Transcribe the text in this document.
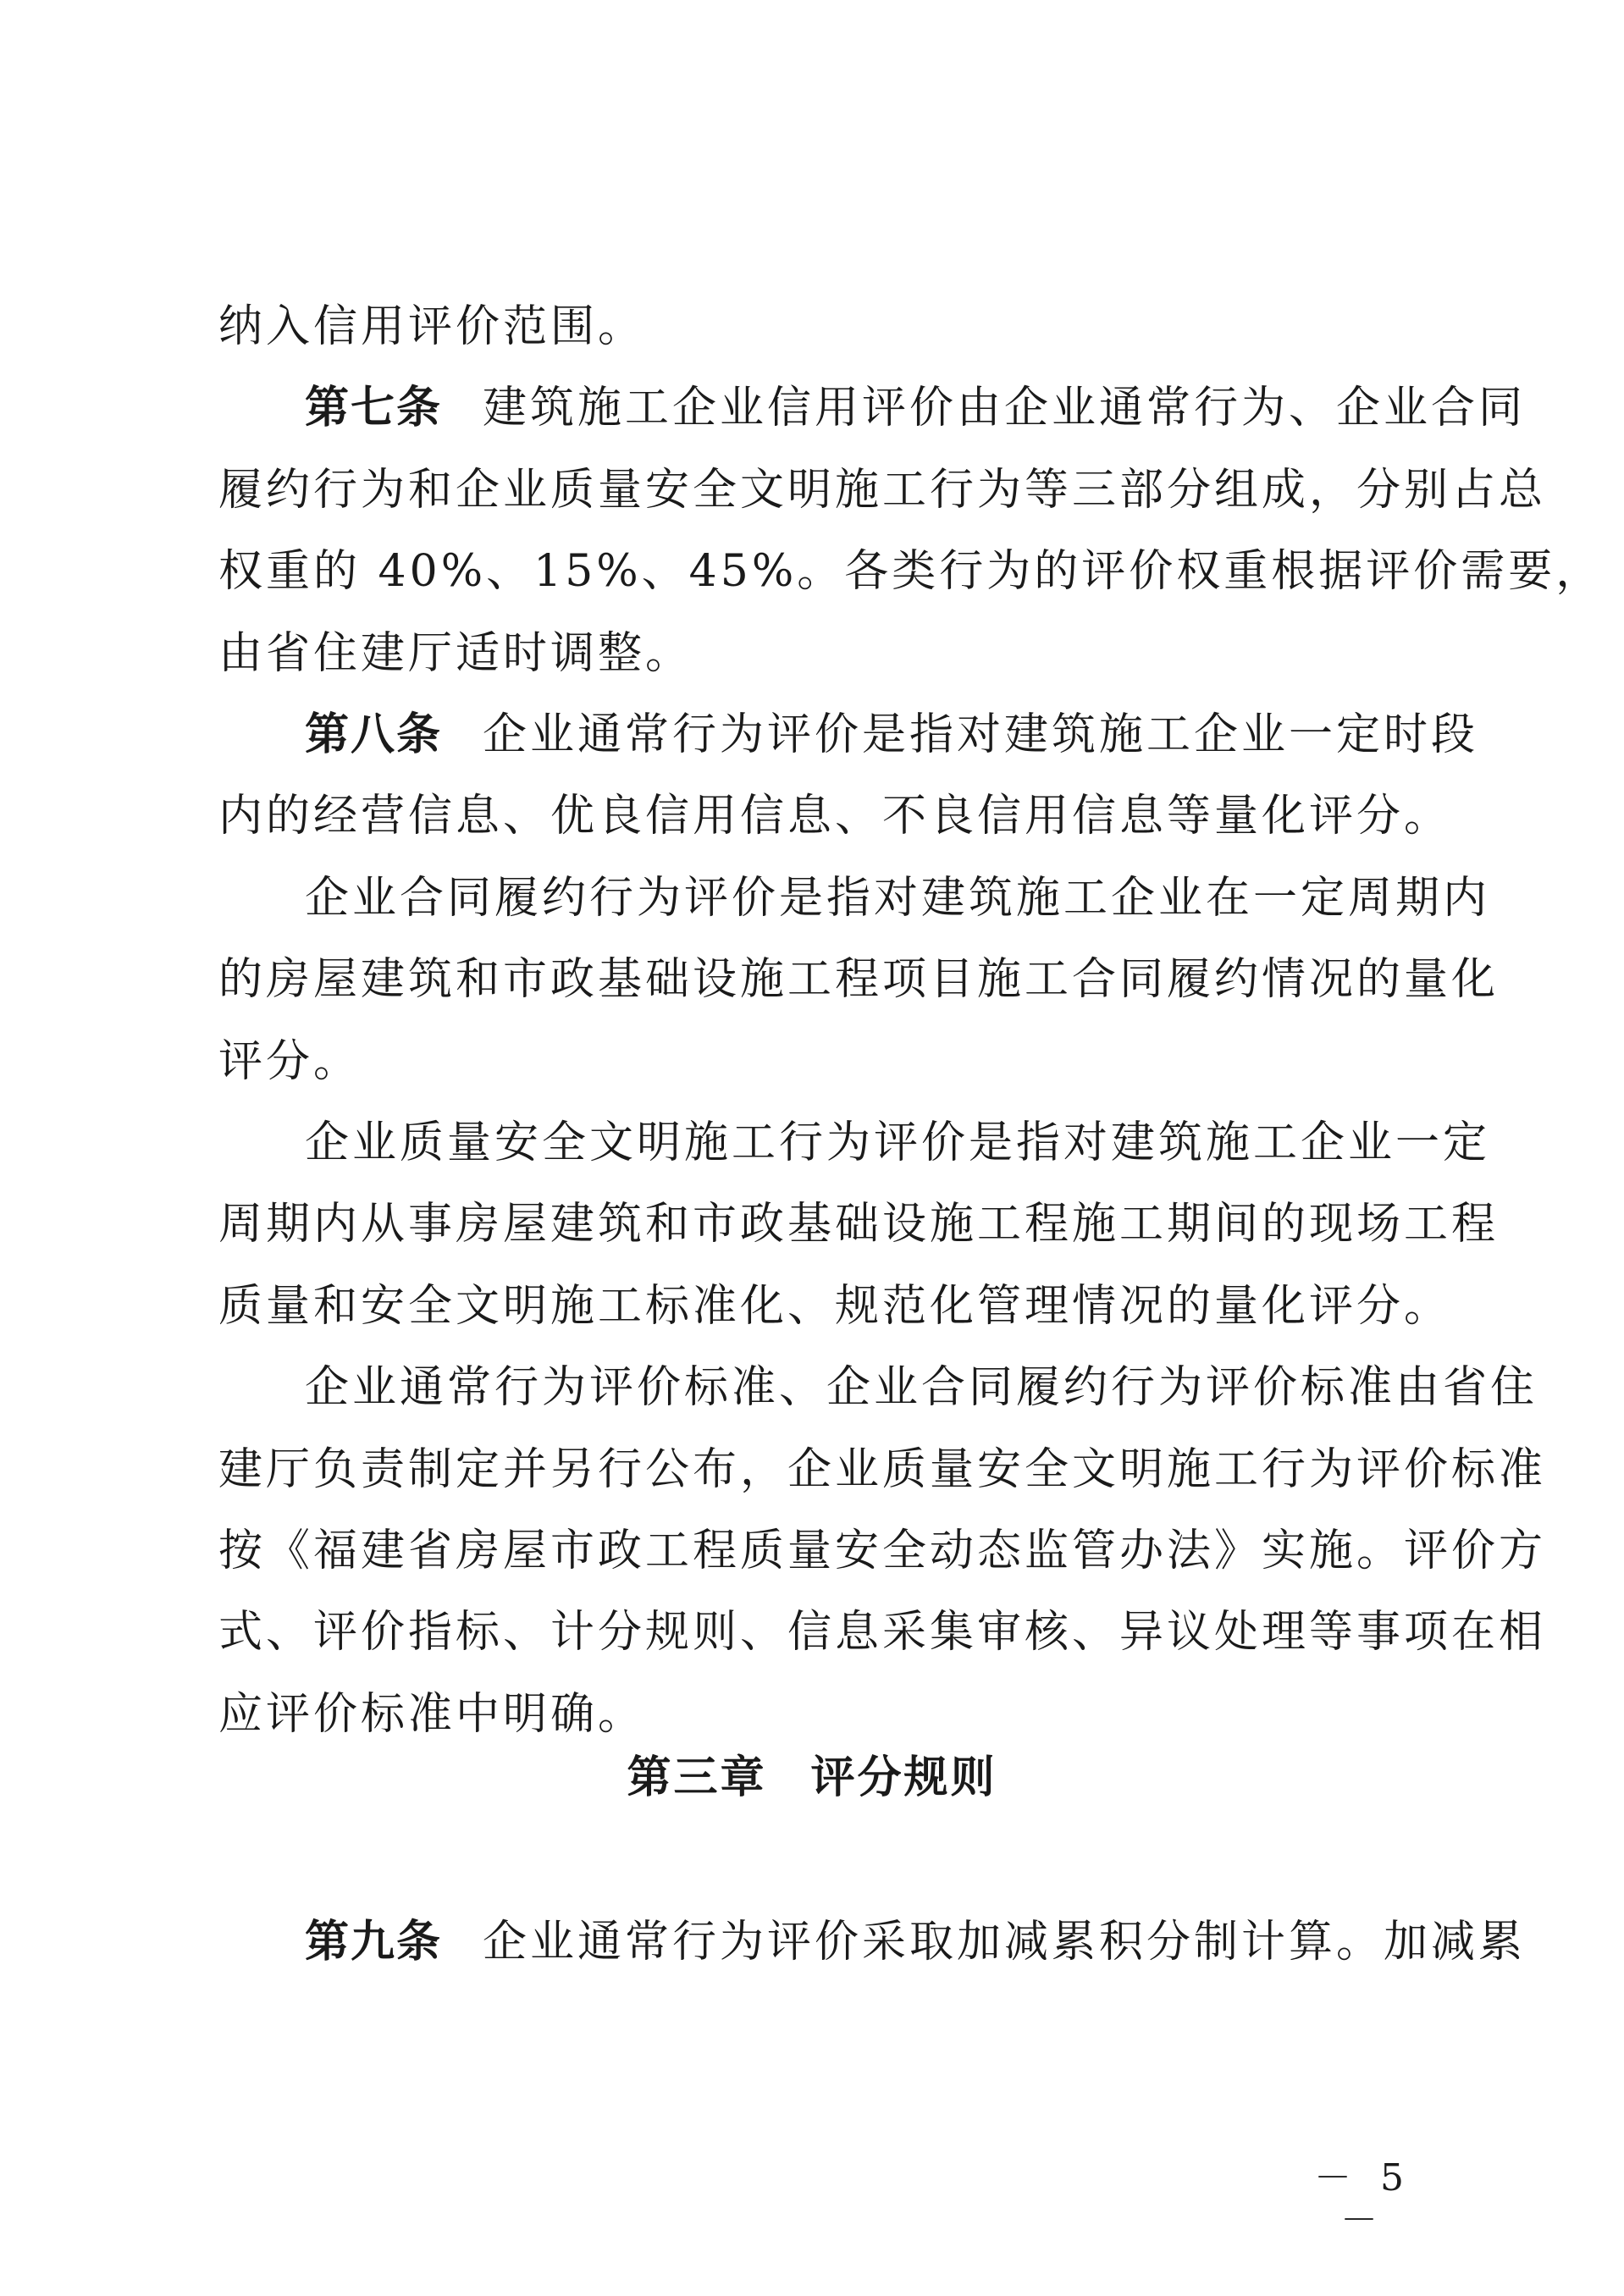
纳入信用评价范围。
第七条 建筑施工企业信用评价由企业通常行为、企业合同
履约行为和企业质量安全文明施工行为等三部分组成，分别占总
权重的 40%、15%、45%。各类行为的评价权重根据评价需要，
由省住建厅适时调整。
第八条 企业通常行为评价是指对建筑施工企业一定时段
内的经营信息、优良信用信息、不良信用信息等量化评分。
企业合同履约行为评价是指对建筑施工企业在一定周期内
的房屋建筑和市政基础设施工程项目施工合同履约情况的量化
评分。
企业质量安全文明施工行为评价是指对建筑施工企业一定
周期内从事房屋建筑和市政基础设施工程施工期间的现场工程
质量和安全文明施工标准化、规范化管理情况的量化评分。
企业通常行为评价标准、企业合同履约行为评价标准由省住
建厅负责制定并另行公布，企业质量安全文明施工行为评价标准
按《福建省房屋市政工程质量安全动态监管办法》实施。评价方
式、评价指标、计分规则、信息采集审核、异议处理等事项在相
应评价标准中明确。
第三章 评分规则
第九条 企业通常行为评价采取加减累积分制计算。加减累
－ 5 －
